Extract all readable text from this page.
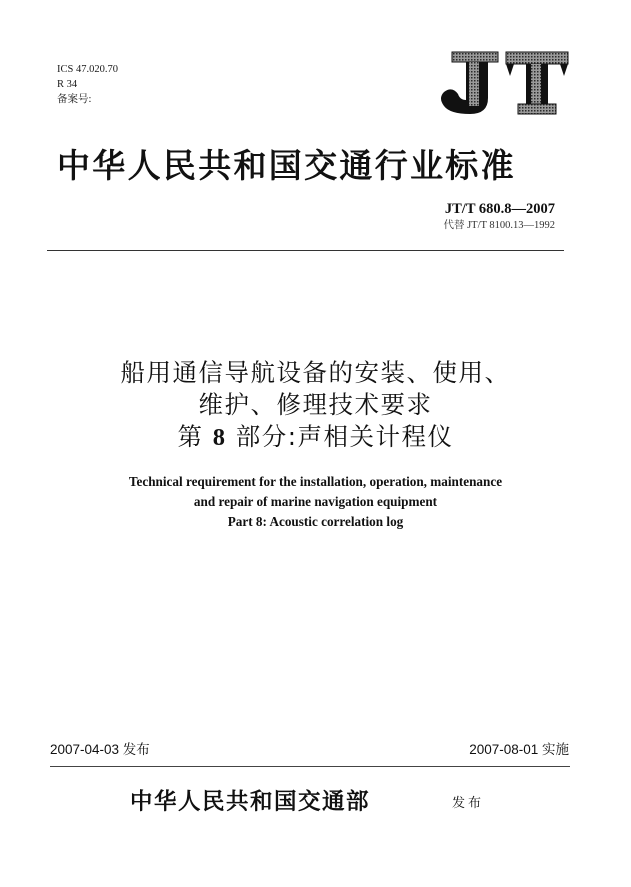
ICS 47.020.70
R 34
备案号:
中华人民共和国交通行业标准
JT/T 680.8—2007
代替 JT/T 8100.13—1992
船用通信导航设备的安装、使用、
维护、修理技术要求
第 8 部分:声相关计程仪
Technical requirement for the installation, operation, maintenance
and repair of marine navigation equipment
Part 8: Acoustic correlation log
2007-04-03 发布	2007-08-01 实施
中华人民共和国交通部	发布
